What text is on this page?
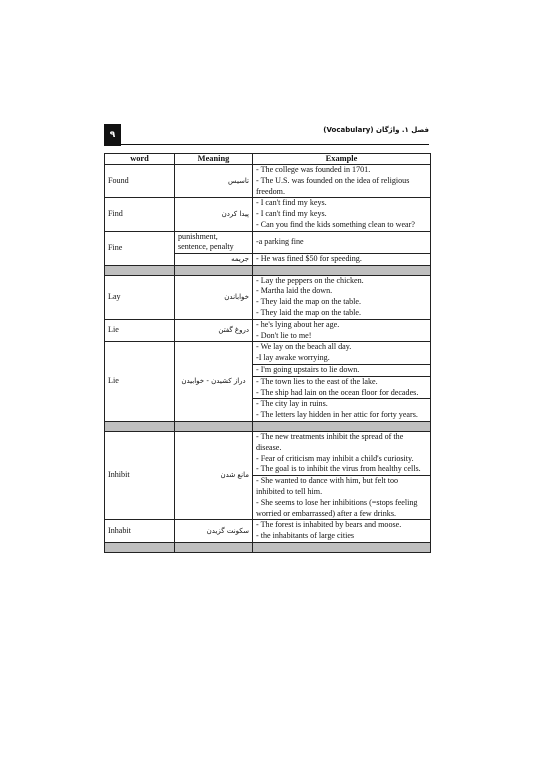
۹	فصل ۱. واژگان (Vocabulary)
word	Meaning	Example
Found	تاسیس	- The college was founded in 1701.
- The U.S. was founded on the idea of religious freedom.

Find	پیدا کردن	- I can't find my keys.
- I can't find my keys.
- Can you find the kids something clean to wear?

Fine	punishment, sentence, penalty	-a parking fine

	جریمه	- He was fined $50 for speeding.

Lay	خواباندن	- Lay the peppers on the chicken.
- Martha laid the down.
- They laid the map on the table.
- They laid the map on the table.

Lie	دروغ گفتن	- he's lying about her age.
- Don't lie to me!

Lie	دراز کشیدن - خوابیدن	- We lay on the beach all day.
-I lay awake worrying.

		- I'm going upstairs to lie down.

		- The town lies to the east of the lake.
- The ship had lain on the ocean floor for decades.

		- The city lay in ruins.
- The letters lay hidden in her attic for forty years.

Inhibit	مانع شدن	- The new treatments inhibit the spread of the disease.
- Fear of criticism may inhibit a child's curiosity.
- The goal is to inhibit the virus from healthy cells.

		- She wanted to dance with him, but felt too inhibited to tell him.
- She seems to lose her inhibitions (=stops feeling worried or embarrassed) after a few drinks.

Inhabit	سکونت گزیدن	- The forest is inhabited by bears and moose.
- the inhabitants of large cities
